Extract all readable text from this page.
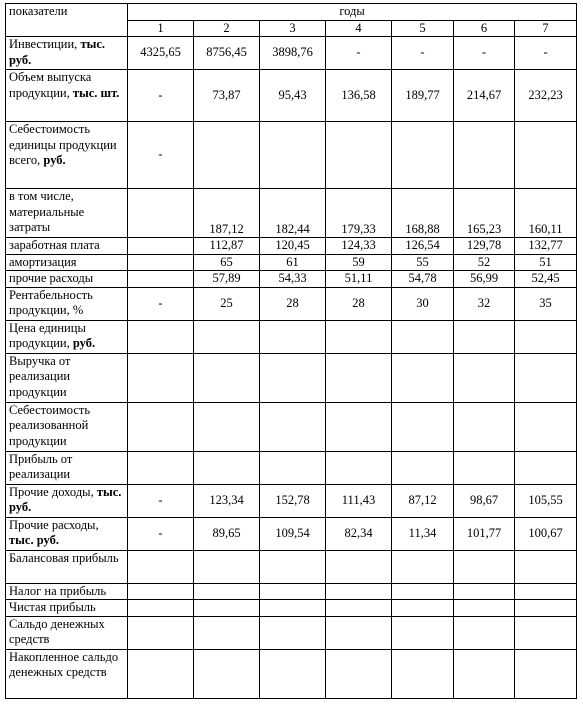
показатели	годы						
	1	2	3	4	5	6	7
Инвестиции, тыс. руб.	4325,65	8756,45	3898,76	-	-	-	-
Объем выпуска продукции, тыс. шт.	-	73,87	95,43	136,58	189,77	214,67	232,23
Себестоимость единицы продукции всего, руб.	-						
в том числе, материальные затраты		187,12	182,44	179,33	168,88	165,23	160,11
заработная плата		112,87	120,45	124,33	126,54	129,78	132,77
амортизация		65	61	59	55	52	51
прочие расходы		57,89	54,33	51,11	54,78	56,99	52,45
Рентабельность продукции, %	-	25	28	28	30	32	35
Цена единицы продукции, руб.							
Выручка от реализации продукции							
Себестоимость реализованной продукции							
Прибыль от реализации							
Прочие доходы, тыс. руб.	-	123,34	152,78	111,43	87,12	98,67	105,55
Прочие расходы, тыс. руб.	-	89,65	109,54	82,34	11,34	101,77	100,67
Балансовая прибыль							
Налог на прибыль							
Чистая прибыль							
Сальдо денежных средств							
Накопленное сальдо денежных средств							
